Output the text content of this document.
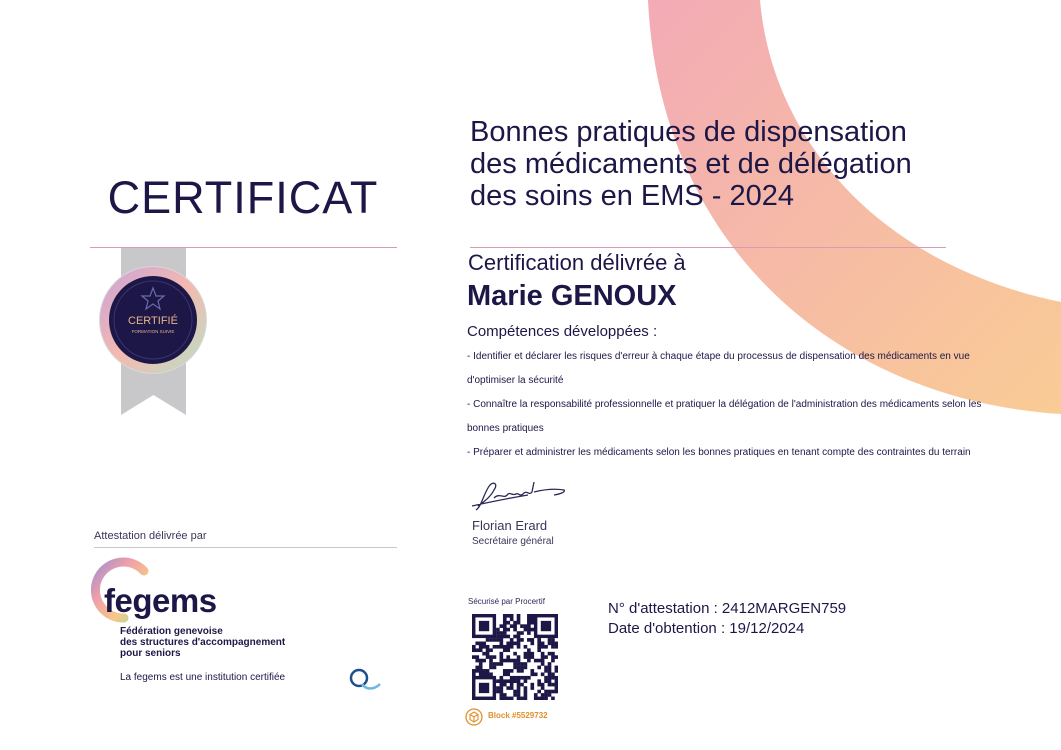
CERTIFICAT
CERTIFIÉ
FORMATION SUIVIE
Bonnes pratiques de dispensation des médicaments et de délégation des soins en EMS - 2024
Certification délivrée à
Marie GENOUX
Compétences développées :
- Identifier et déclarer les risques d'erreur à chaque étape du processus de dispensation des médicaments en vue d'optimiser la sécurité
- Connaître la responsabilité professionnelle et pratiquer la délégation de l'administration des médicaments selon les bonnes pratiques
- Préparer et administrer les médicaments selon les bonnes pratiques en tenant compte des contraintes du terrain
Florian Erard
Secrétaire général
Attestation délivrée par
fegems
Fédération genevoise
des structures d'accompagnement
pour seniors
La fegems est une institution certifiée
Sécurisé par Procertif
Block #5529732
N° d'attestation : 2412MARGEN759
Date d'obtention : 19/12/2024
